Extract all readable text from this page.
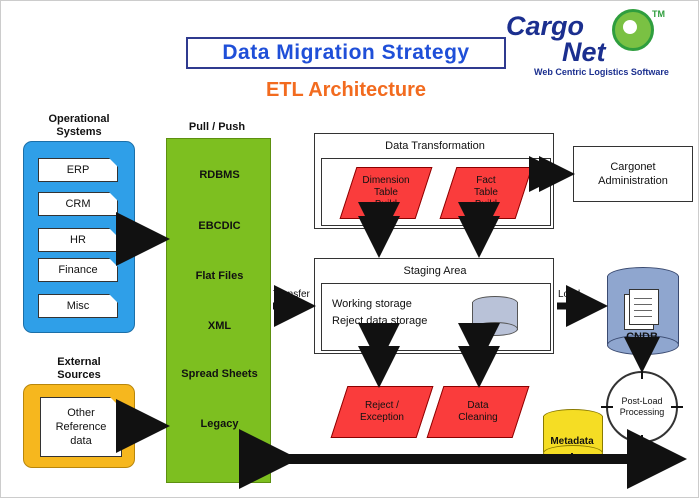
Cargo
Net
TM
Web Centric Logistics Software
Data Migration Strategy
ETL Architecture
Operational
Systems
ERP
CRM
HR
Finance
Misc
External
Sources
Other
Reference
data
Pull / Push
RDBMS
EBCDIC
Flat Files
XML
Spread Sheets
Legacy
Data Transformation
Dimension
Table
Build
Fact
Table
Build
Cargonet
Administration
Staging Area
Working storage
Reject data storage
Reject /
Exception
Data
Cleaning
CNDB
Post-Load
Processing
Metadata
Transfer	Load
